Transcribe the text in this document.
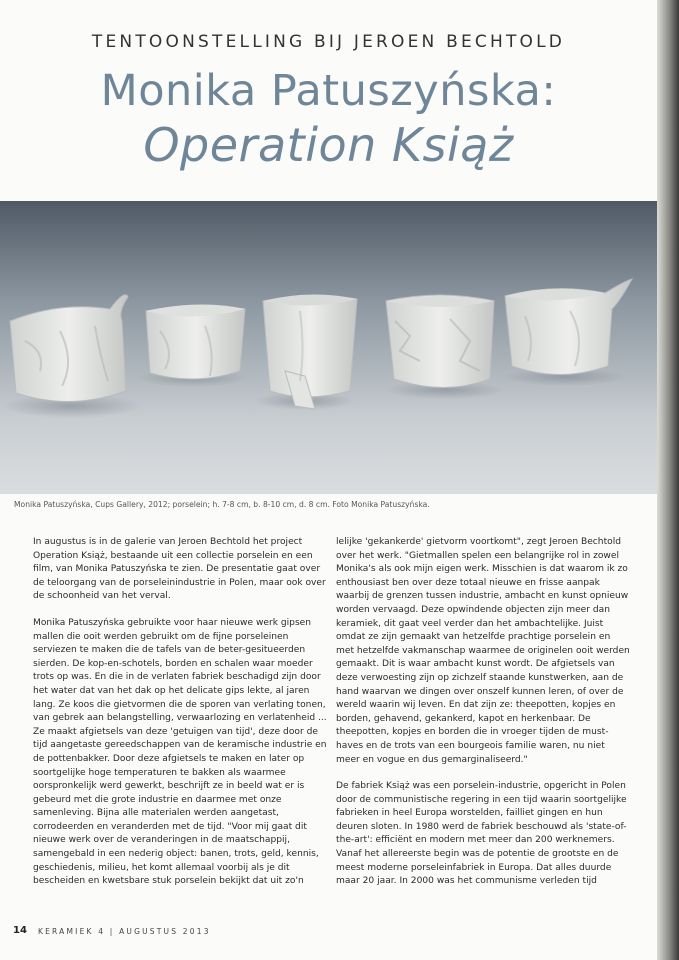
TENTOONSTELLING BIJ JEROEN BECHTOLD
Monika Patuszyńska:
Operation Książ
Monika Patuszyńska, Cups Gallery, 2012; porselein; h. 7-8 cm, b. 8-10 cm, d. 8 cm. Foto Monika Patuszyńska.

In augustus is in de galerie van Jeroen Bechtold het project Operation Książ, bestaande uit een collectie porselein en een film, van Monika Patuszyńska te zien. De presentatie gaat over de teloorgang van de porseleinindustrie in Polen, maar ook over de schoonheid van het verval.

Monika Patuszyńska gebruikte voor haar nieuwe werk gipsen mallen die ooit werden gebruikt om de fijne porseleinen serviezen te maken die de tafels van de beter-gesitueerden sierden. De kop-en-schotels, borden en schalen waar moeder trots op was. En die in de verlaten fabriek beschadigd zijn door het water dat van het dak op het delicate gips lekte, al jaren lang. Ze koos die gietvormen die de sporen van verlating tonen, van gebrek aan belangstelling, verwaarlozing en verlatenheid ... Ze maakt afgietsels van deze 'getuigen van tijd', deze door de tijd aangetaste gereedschappen van de keramische industrie en de pottenbakker. Door deze afgietsels te maken en later op soortgelijke hoge temperaturen te bakken als waarmee oorspronkelijk werd gewerkt, beschrijft ze in beeld wat er is gebeurd met die grote industrie en daarmee met onze samenleving. Bijna alle materialen werden aangetast, corrodeerden en veranderden met de tijd. "Voor mij gaat dit nieuwe werk over de veranderingen in de maatschappij, samengebald in een nederig object: banen, trots, geld, kennis, geschiedenis, milieu, het komt allemaal voorbij als je dit bescheiden en kwetsbare stuk porselein bekijkt dat uit zo'n

lelijke 'gekankerde' gietvorm voortkomt", zegt Jeroen Bechtold over het werk. "Gietmallen spelen een belangrijke rol in zowel Monika's als ook mijn eigen werk. Misschien is dat waarom ik zo enthousiast ben over deze totaal nieuwe en frisse aanpak waarbij de grenzen tussen industrie, ambacht en kunst opnieuw worden vervaagd. Deze opwindende objecten zijn meer dan keramiek, dit gaat veel verder dan het ambachtelijke. Juist omdat ze zijn gemaakt van hetzelfde prachtige porselein en met hetzelfde vakmanschap waarmee de originelen ooit werden gemaakt. Dit is waar ambacht kunst wordt. De afgietsels van deze verwoesting zijn op zichzelf staande kunstwerken, aan de hand waarvan we dingen over onszelf kunnen leren, of over de wereld waarin wij leven. En dat zijn ze: theepotten, kopjes en borden, gehavend, gekankerd, kapot en herkenbaar. De theepotten, kopjes en borden die in vroeger tijden de must-haves en de trots van een bourgeois familie waren, nu niet meer en vogue en dus gemarginaliseerd."

De fabriek Książ was een porselein-industrie, opgericht in Polen door de communistische regering in een tijd waarin soortgelijke fabrieken in heel Europa worstelden, failliet gingen en hun deuren sloten. In 1980 werd de fabriek beschouwd als 'state-of-the-art': efficiënt en modern met meer dan 200 werknemers. Vanaf het allereerste begin was de potentie de grootste en de meest moderne porseleinfabriek in Europa. Dat alles duurde maar 20 jaar. In 2000 was het communisme verleden tijd

14 KERAMIEK 4 | AUGUSTUS 2013
